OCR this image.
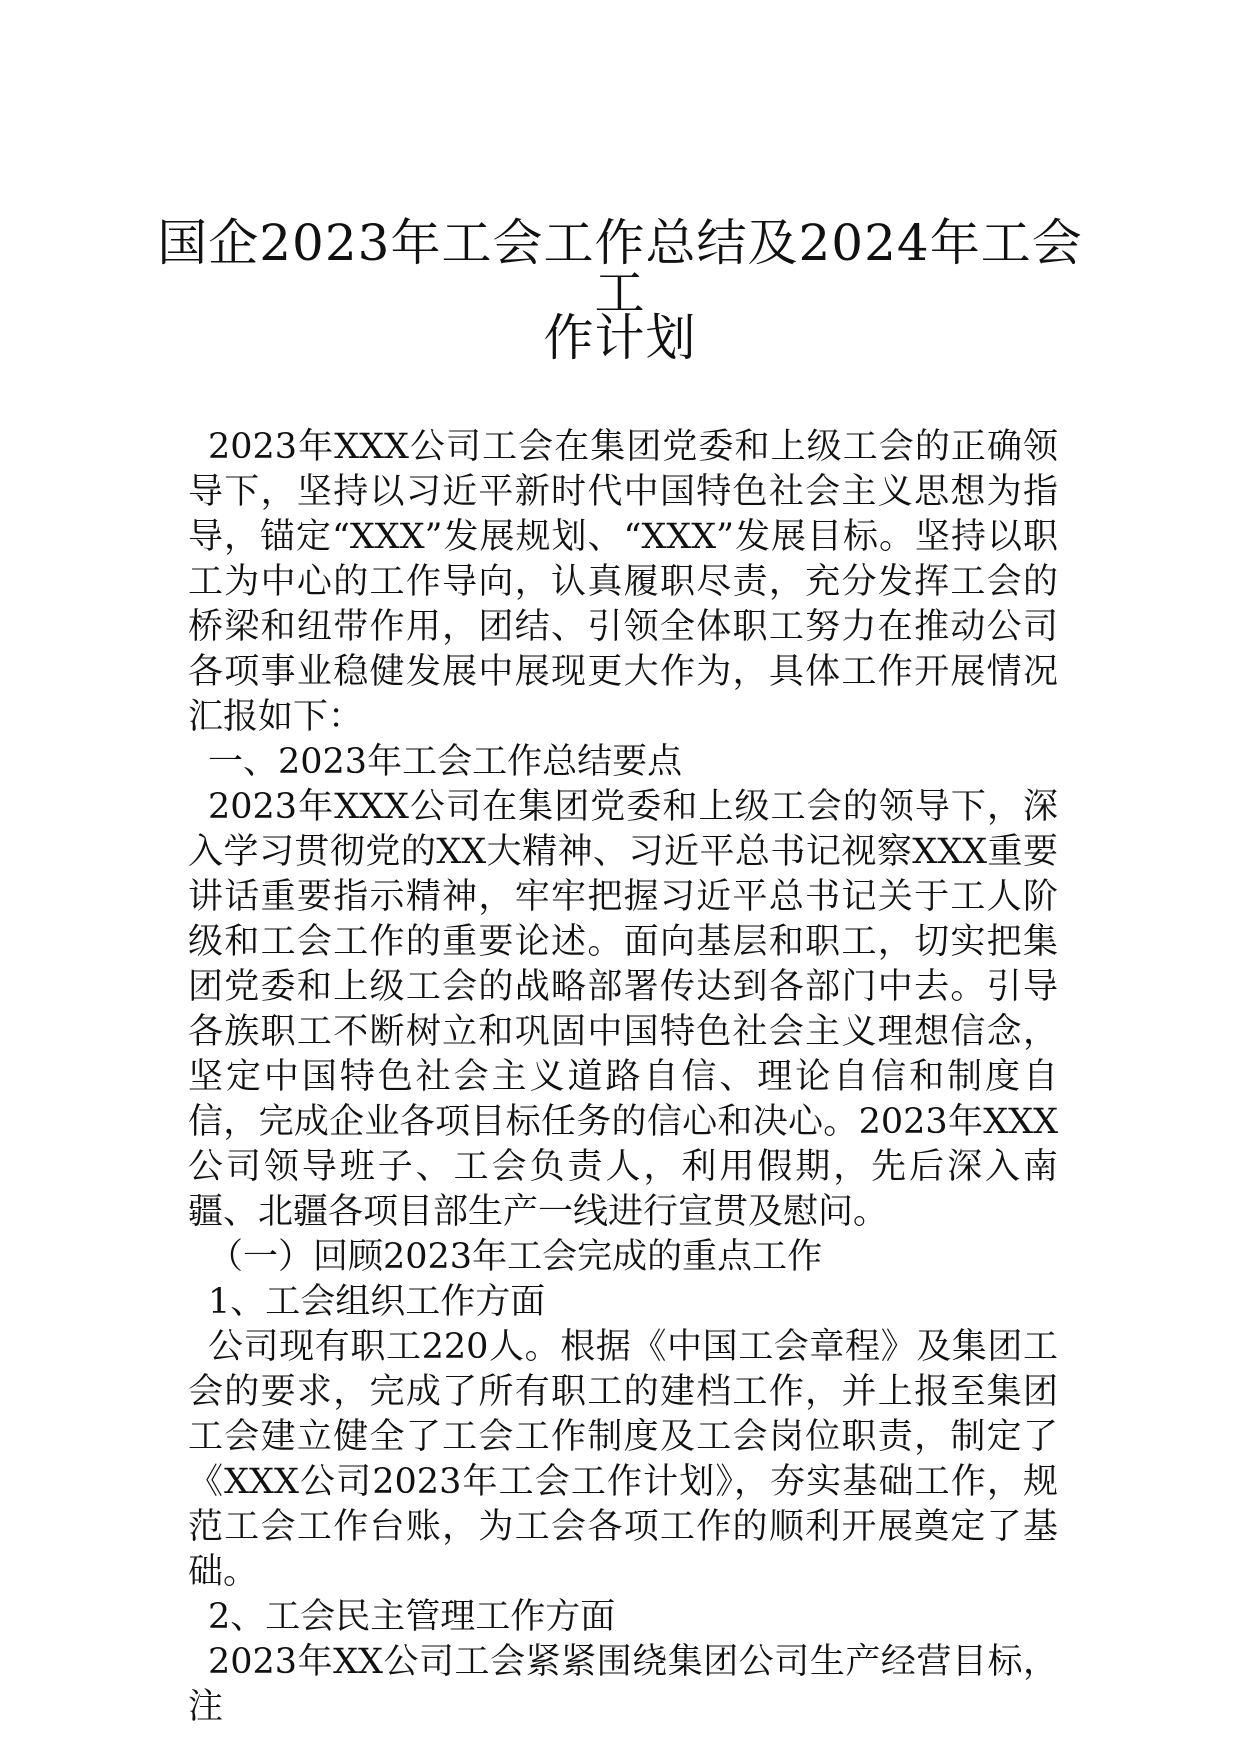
国企2023年工会工作总结及2024年工会工
作计划

2023年XXX公司工会在集团党委和上级工会的正确领导下，坚持以习近平新时代中国特色社会主义思想为指导，锚定“XXX”发展规划、“XXX”发展目标。坚持以职工为中心的工作导向，认真履职尽责，充分发挥工会的桥梁和纽带作用，团结、引领全体职工努力在推动公司各项事业稳健发展中展现更大作为，具体工作开展情况汇报如下：

一、2023年工会工作总结要点

2023年XXX公司在集团党委和上级工会的领导下，深入学习贯彻党的XX大精神、习近平总书记视察XXX重要讲话重要指示精神，牢牢把握习近平总书记关于工人阶级和工会工作的重要论述。面向基层和职工，切实把集团党委和上级工会的战略部署传达到各部门中去。引导各族职工不断树立和巩固中国特色社会主义理想信念，坚定中国特色社会主义道路自信、理论自信和制度自信，完成企业各项目标任务的信心和决心。2023年XXX公司领导班子、工会负责人，利用假期，先后深入南疆、北疆各项目部生产一线进行宣贯及慰问。

（一）回顾2023年工会完成的重点工作

1、工会组织工作方面

公司现有职工220人。根据《中国工会章程》及集团工会的要求，完成了所有职工的建档工作，并上报至集团工会建立健全了工会工作制度及工会岗位职责，制定了《XXX公司2023年工会工作计划》，夯实基础工作，规范工会工作台账，为工会各项工作的顺利开展奠定了基础。

2、工会民主管理工作方面

2023年XX公司工会紧紧围绕集团公司生产经营目标，注
